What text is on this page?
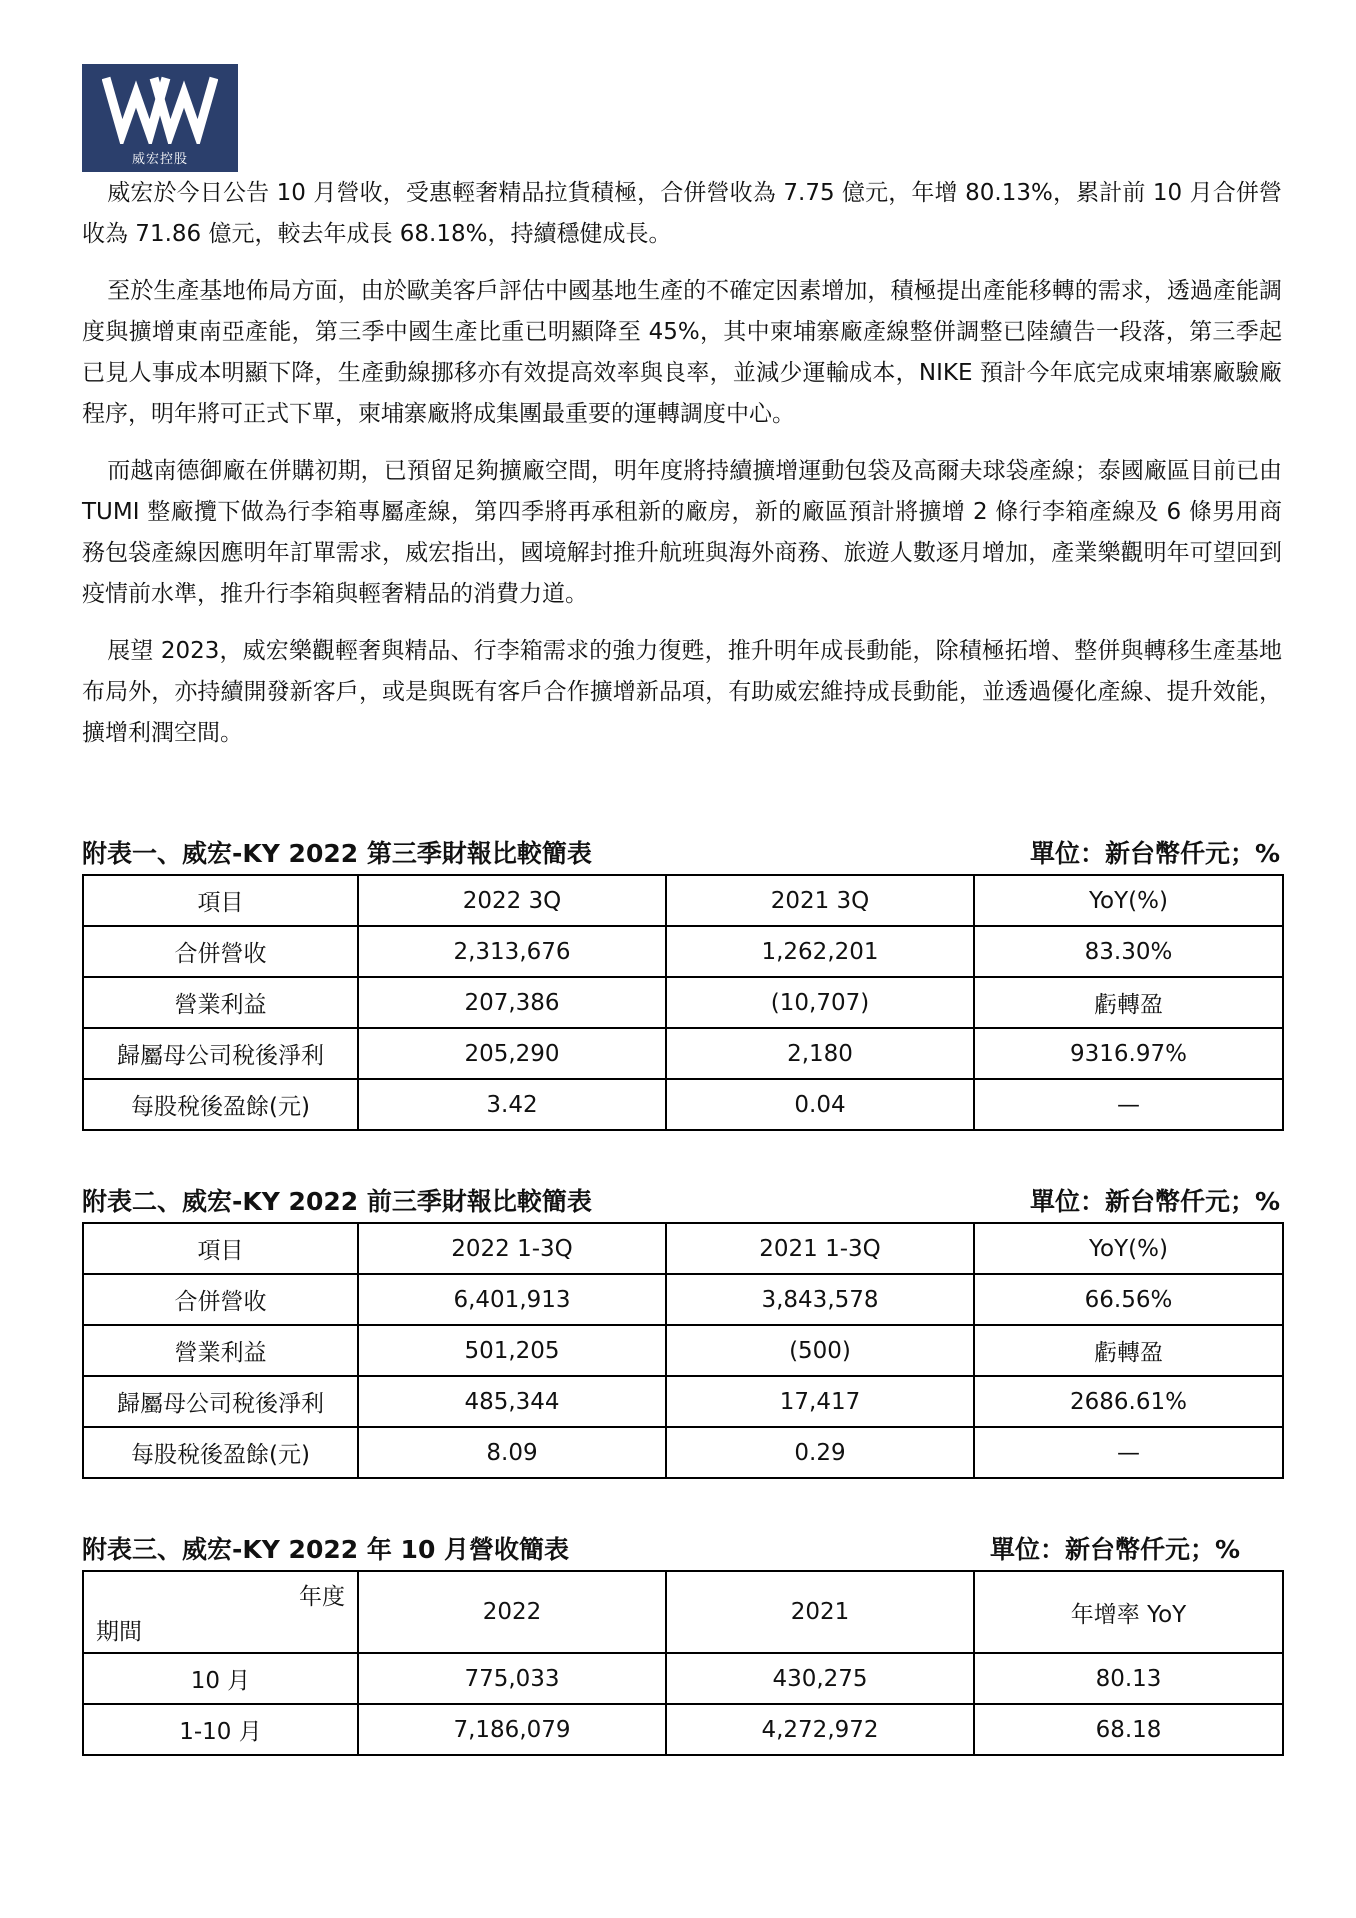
威宏控股

威宏於今日公告 10 月營收，受惠輕奢精品拉貨積極，合併營收為 7.75 億元，年增 80.13%，累計前 10 月合併營收為 71.86 億元，較去年成長 68.18%，持續穩健成長。

至於生產基地佈局方面，由於歐美客戶評估中國基地生產的不確定因素增加，積極提出產能移轉的需求，透過產能調度與擴增東南亞產能，第三季中國生產比重已明顯降至 45%，其中柬埔寨廠產線整併調整已陸續告一段落，第三季起已見人事成本明顯下降，生產動線挪移亦有效提高效率與良率，並減少運輸成本，NIKE 預計今年底完成柬埔寨廠驗廠程序，明年將可正式下單，柬埔寨廠將成集團最重要的運轉調度中心。

而越南德御廠在併購初期，已預留足夠擴廠空間，明年度將持續擴增運動包袋及高爾夫球袋產線；泰國廠區目前已由 TUMI 整廠攬下做為行李箱專屬產線，第四季將再承租新的廠房，新的廠區預計將擴增 2 條行李箱產線及 6 條男用商務包袋產線因應明年訂單需求，威宏指出，國境解封推升航班與海外商務、旅遊人數逐月增加，產業樂觀明年可望回到疫情前水準，推升行李箱與輕奢精品的消費力道。

展望 2023，威宏樂觀輕奢與精品、行李箱需求的強力復甦，推升明年成長動能，除積極拓增、整併與轉移生產基地布局外，亦持續開發新客戶，或是與既有客戶合作擴增新品項，有助威宏維持成長動能，並透過優化產線、提升效能，擴增利潤空間。

附表一、威宏-KY 2022 第三季財報比較簡表	單位：新台幣仟元；%
項目	2022 3Q	2021 3Q	YoY(%)
合併營收	2,313,676	1,262,201	83.30%
營業利益	207,386	(10,707)	虧轉盈
歸屬母公司稅後淨利	205,290	2,180	9316.97%
每股稅後盈餘(元)	3.42	0.04	—
附表二、威宏-KY 2022 前三季財報比較簡表	單位：新台幣仟元；%
項目	2022 1-3Q	2021 1-3Q	YoY(%)
合併營收	6,401,913	3,843,578	66.56%
營業利益	501,205	(500)	虧轉盈
歸屬母公司稅後淨利	485,344	17,417	2686.61%
每股稅後盈餘(元)	8.09	0.29	—
附表三、威宏-KY 2022 年 10 月營收簡表	單位：新台幣仟元；%
年度
期間	2022	2021	年增率 YoY
10 月	775,033	430,275	80.13
1-10 月	7,186,079	4,272,972	68.18
